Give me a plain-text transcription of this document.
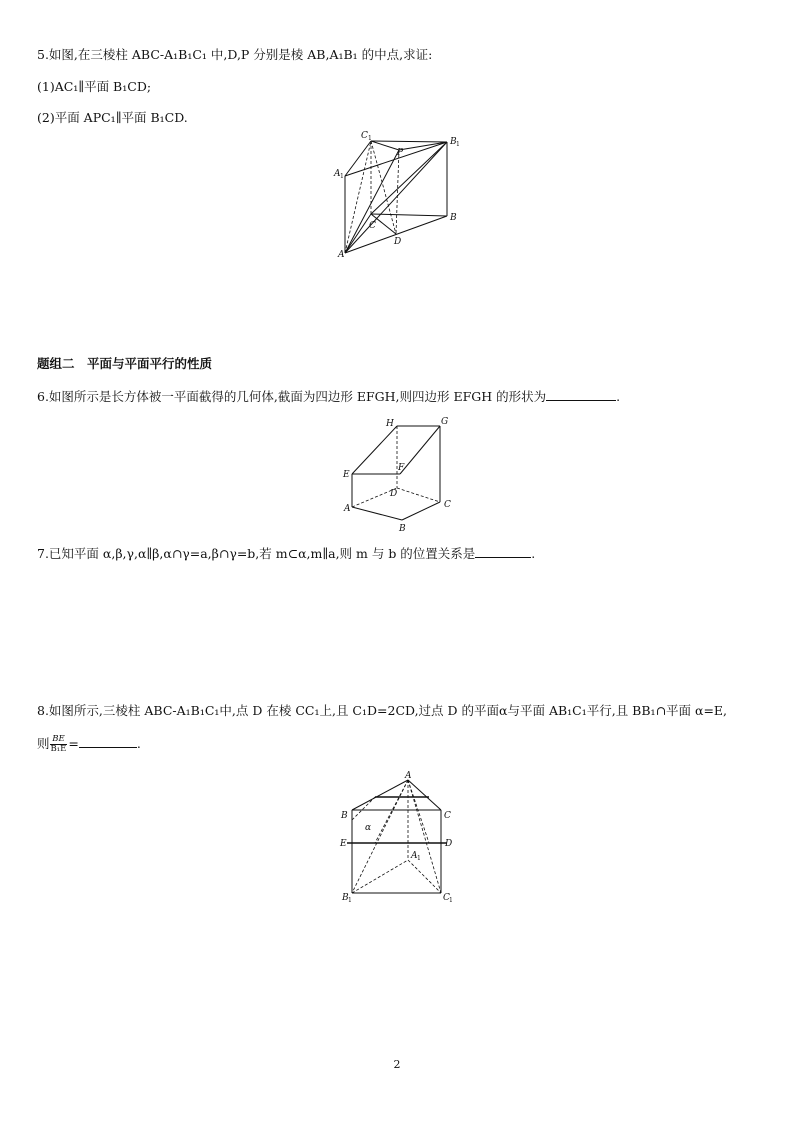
5.如图,在三棱柱 ABC-A₁B₁C₁ 中,D,P 分别是棱 AB,A₁B₁ 的中点,求证:
(1)AC₁∥平面 B₁CD;
(2)平面 APC₁∥平面 B₁CD.
C 1
P
B 1
A 1
C
D
B
A
题组二　平面与平面平行的性质
6.如图所示是长方体被一平面截得的几何体,截面为四边形 EFGH,则四边形 EFGH 的形状为	.
H	G
E
F
D
A
B
C
7.已知平面 α,β,γ,α∥β,α∩γ=a,β∩γ=b,若 m⊂α,m∥a,则 m 与 b 的位置关系是	.
8.如图所示,三棱柱 ABC-A₁B₁C₁中,点 D 在棱 CC₁上,且 C₁D=2CD,过点 D 的平面α与平面 AB₁C₁平行,且 BB₁∩平面 α=E,
则 $\frac{BE}{\text{B₁E}}$ =	.
A
B	C
α
E	D
A 1
B 1	C 1
2
